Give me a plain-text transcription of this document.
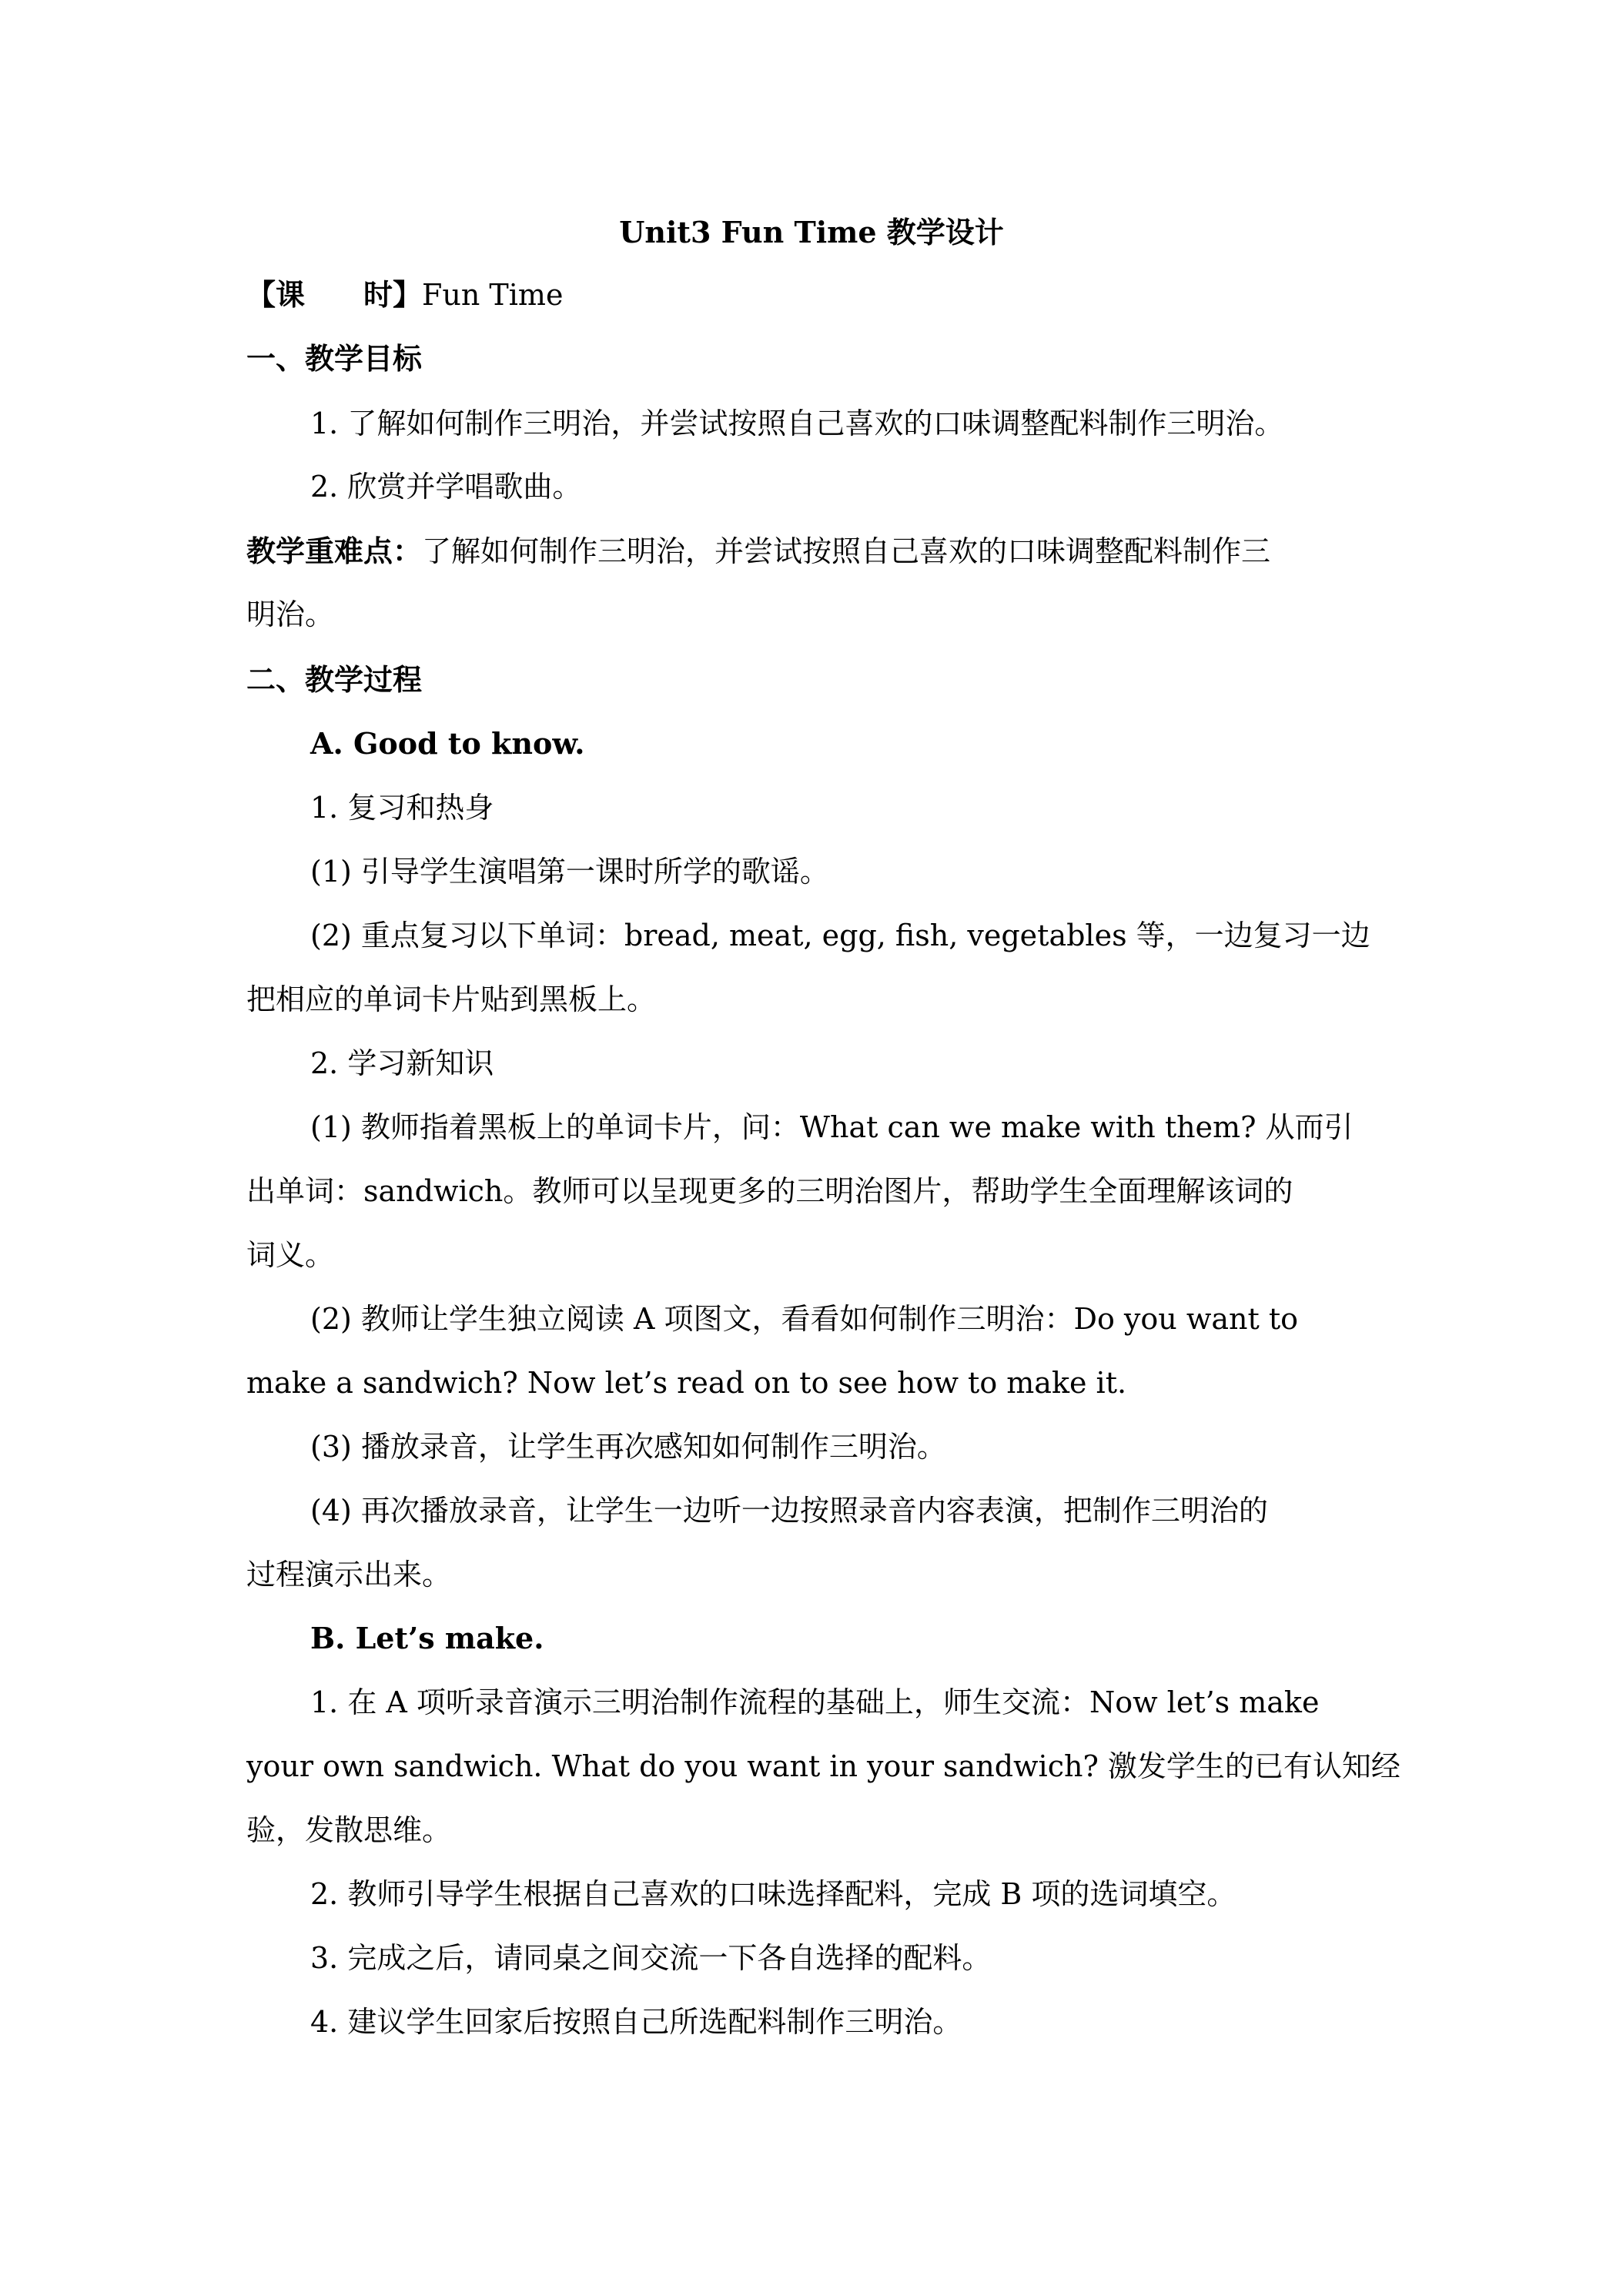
Unit3 Fun Time 教学设计
【课 时】Fun Time
一、教学目标
1. 了解如何制作三明治，并尝试按照自己喜欢的口味调整配料制作三明治。
2. 欣赏并学唱歌曲。
教学重难点：了解如何制作三明治，并尝试按照自己喜欢的口味调整配料制作三
明治。
二、教学过程
A. Good to know.
1. 复习和热身
(1) 引导学生演唱第一课时所学的歌谣。
(2) 重点复习以下单词：bread, meat, egg, fish, vegetables 等，一边复习一边
把相应的单词卡片贴到黑板上。
2. 学习新知识
(1) 教师指着黑板上的单词卡片，问：What can we make with them? 从而引
出单词：sandwich。教师可以呈现更多的三明治图片，帮助学生全面理解该词的
词义。
(2) 教师让学生独立阅读 A 项图文，看看如何制作三明治：Do you want to
make a sandwich? Now let’s read on to see how to make it.
(3) 播放录音，让学生再次感知如何制作三明治。
(4) 再次播放录音，让学生一边听一边按照录音内容表演，把制作三明治的
过程演示出来。
B. Let’s make.
1. 在 A 项听录音演示三明治制作流程的基础上，师生交流：Now let’s make
your own sandwich. What do you want in your sandwich? 激发学生的已有认知经
验，发散思维。
2. 教师引导学生根据自己喜欢的口味选择配料，完成 B 项的选词填空。
3. 完成之后，请同桌之间交流一下各自选择的配料。
4. 建议学生回家后按照自己所选配料制作三明治。
